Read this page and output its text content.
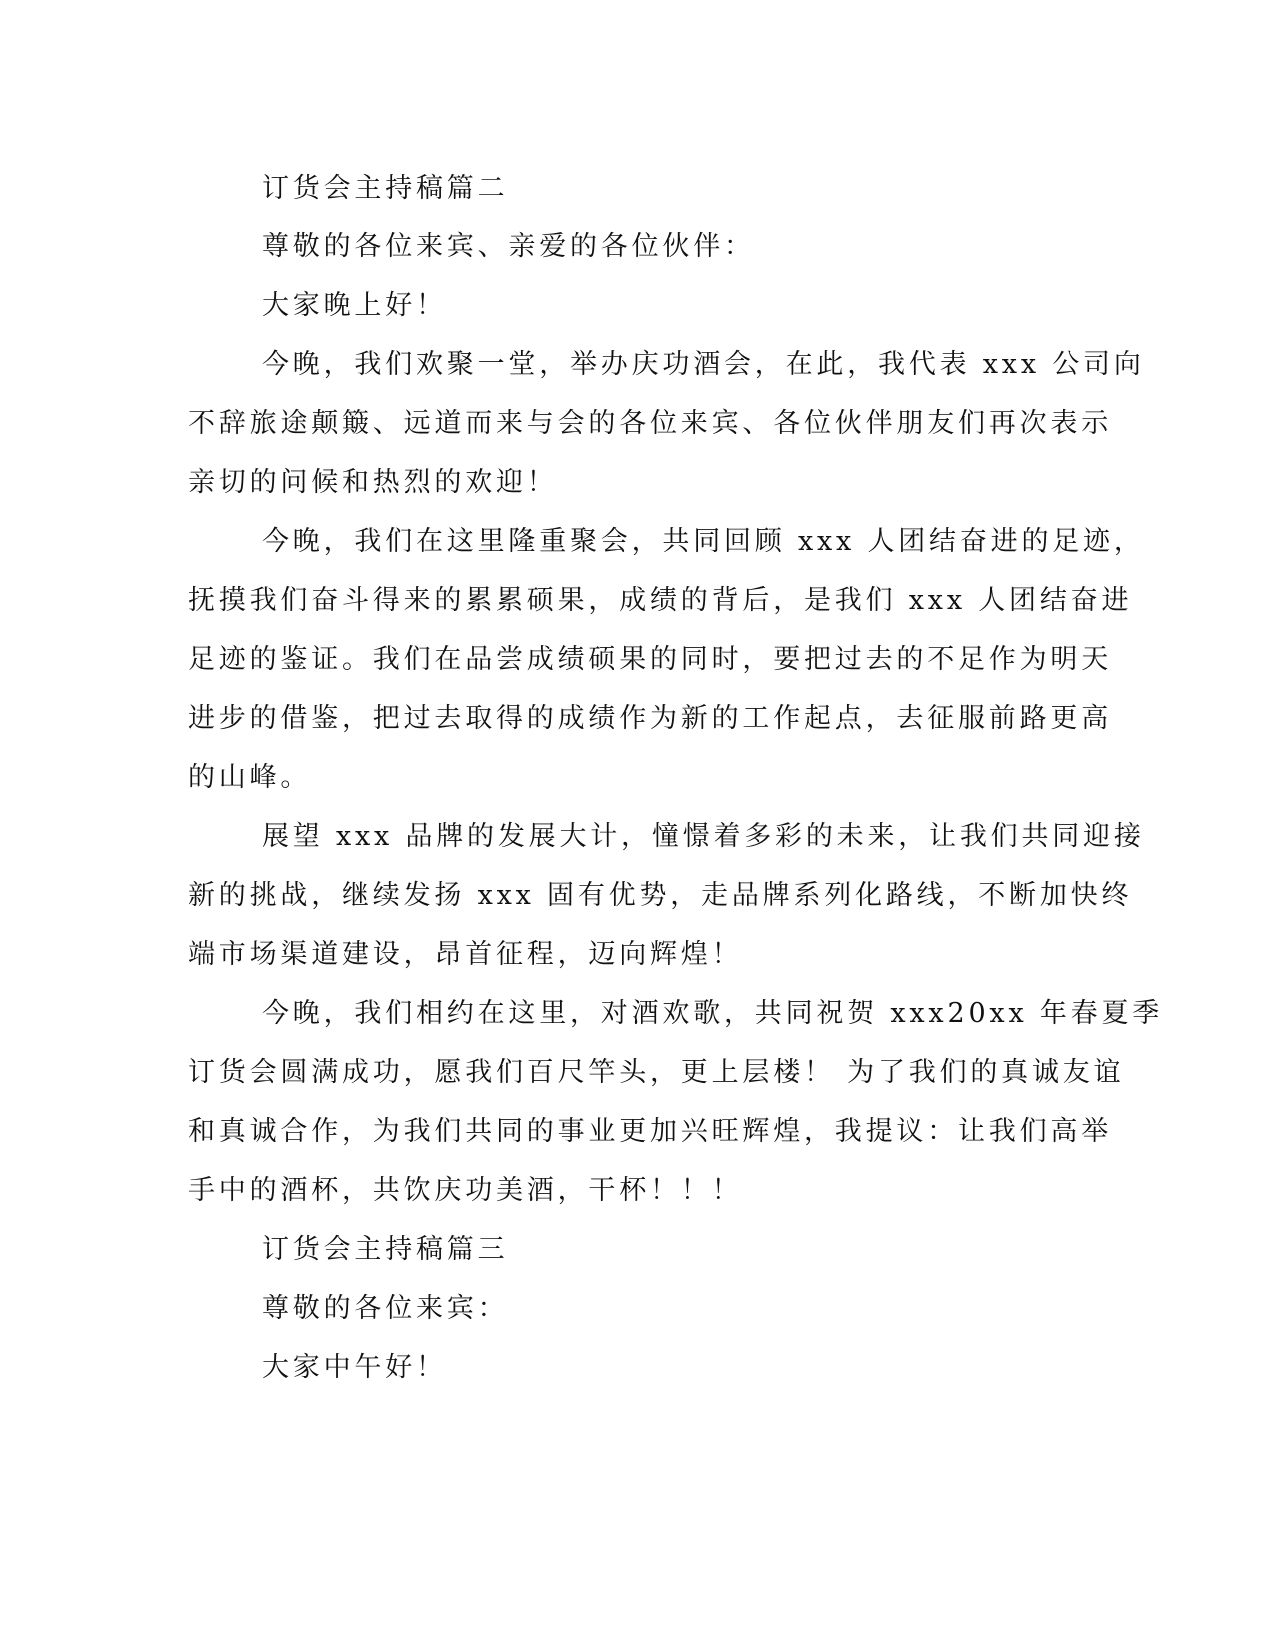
订货会主持稿篇二
尊敬的各位来宾、亲爱的各位伙伴：
大家晚上好！
今晚，我们欢聚一堂，举办庆功酒会，在此，我代表 xxx 公司向
不辞旅途颠簸、远道而来与会的各位来宾、各位伙伴朋友们再次表示
亲切的问候和热烈的欢迎！
今晚，我们在这里隆重聚会，共同回顾 xxx 人团结奋进的足迹，
抚摸我们奋斗得来的累累硕果，成绩的背后，是我们 xxx 人团结奋进
足迹的鉴证。我们在品尝成绩硕果的同时，要把过去的不足作为明天
进步的借鉴，把过去取得的成绩作为新的工作起点，去征服前路更高
的山峰。
展望 xxx 品牌的发展大计，憧憬着多彩的未来，让我们共同迎接
新的挑战，继续发扬 xxx 固有优势，走品牌系列化路线，不断加快终
端市场渠道建设，昂首征程，迈向辉煌！
今晚，我们相约在这里，对酒欢歌，共同祝贺 xxx20xx 年春夏季
订货会圆满成功，愿我们百尺竿头，更上层楼！ 为了我们的真诚友谊
和真诚合作，为我们共同的事业更加兴旺辉煌，我提议：让我们高举
手中的酒杯，共饮庆功美酒，干杯！！！
订货会主持稿篇三
尊敬的各位来宾：
大家中午好！
